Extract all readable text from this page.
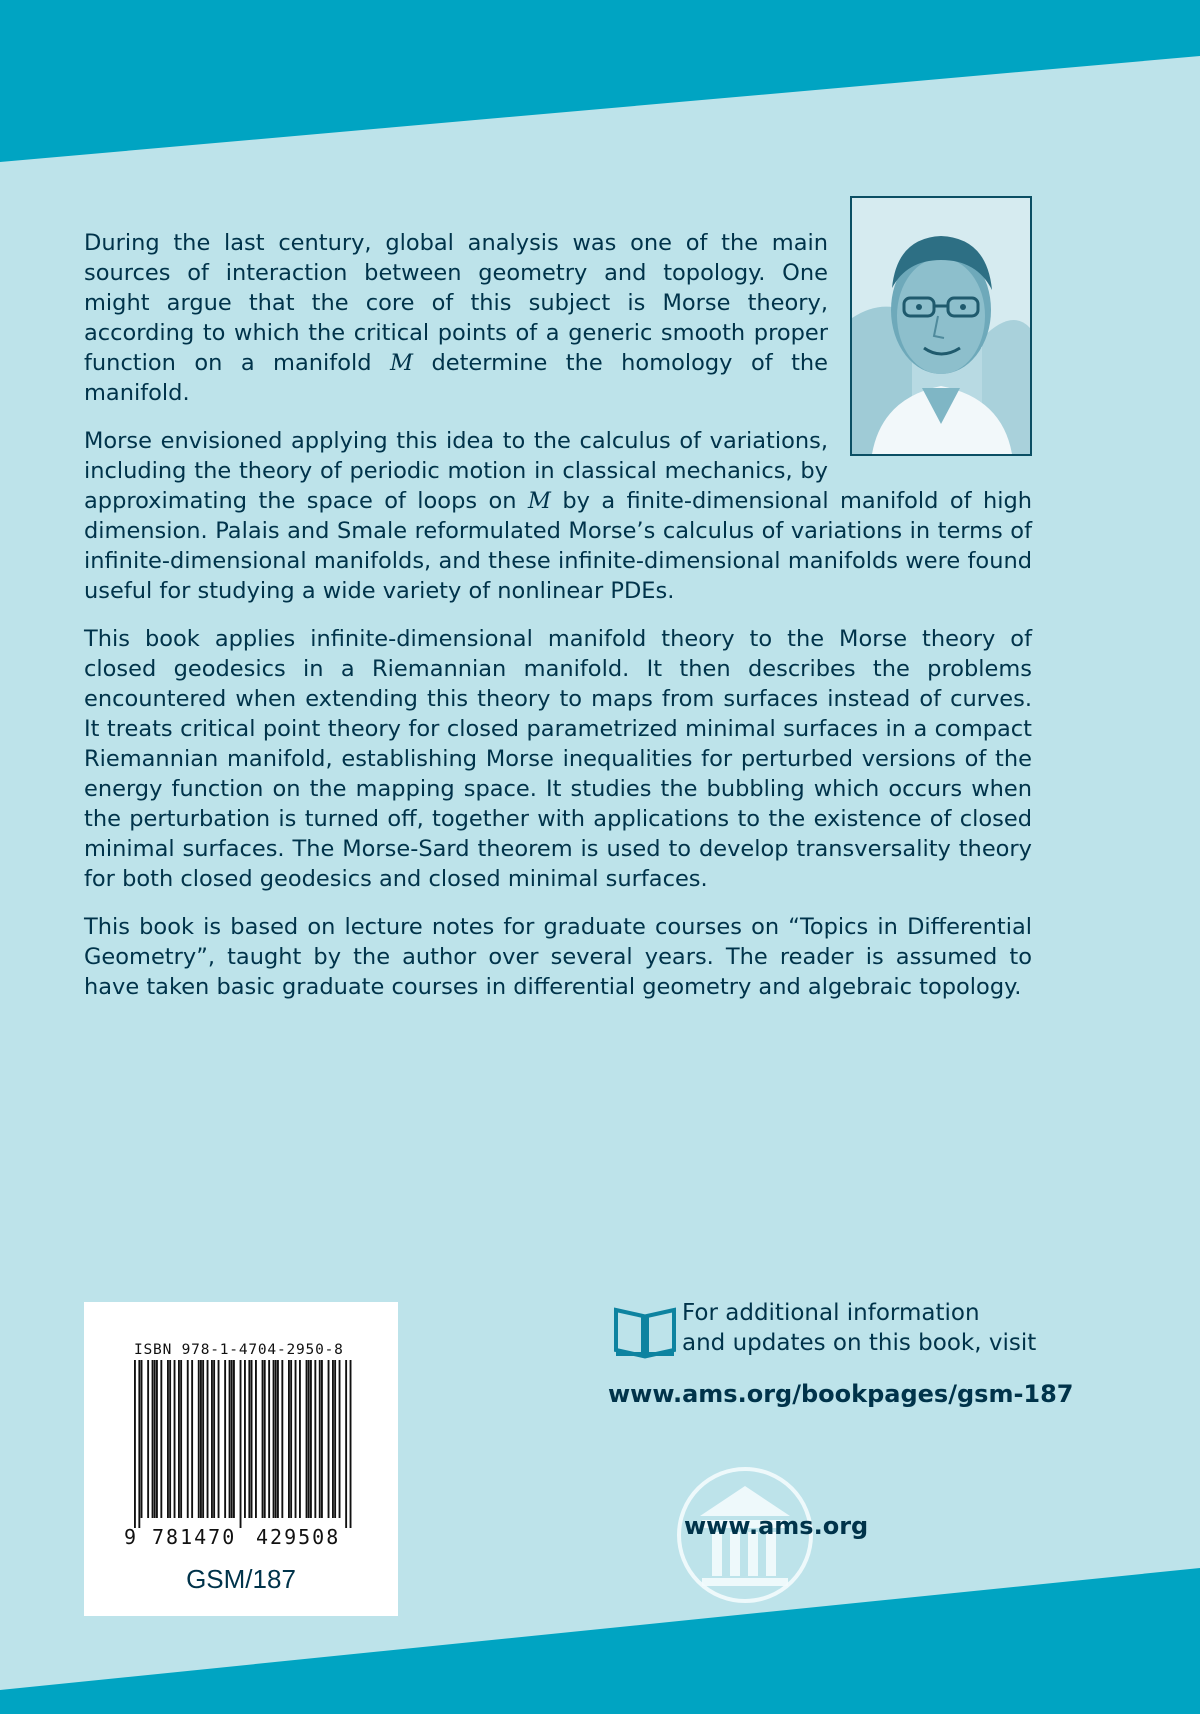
During the last century, global analysis was one of the main sources of interaction between geometry and topology. One might argue that the core of this subject is Morse theory, according to which the critical points of a generic smooth proper function on a manifold M determine the homology of the manifold.

Morse envisioned applying this idea to the calculus of variations, including the theory of periodic motion in classical mechanics, by approximating the space of loops on M by a finite-dimensional manifold of high dimension. Palais and Smale reformulated Morse’s calculus of variations in terms of infinite-dimensional manifolds, and these infinite-dimensional manifolds were found useful for studying a wide variety of nonlinear PDEs.

This book applies infinite-dimensional manifold theory to the Morse theory of closed geodesics in a Riemannian manifold. It then describes the problems encountered when extending this theory to maps from surfaces instead of curves. It treats critical point theory for closed parametrized minimal surfaces in a compact Riemannian manifold, establishing Morse inequalities for perturbed versions of the energy function on the mapping space. It studies the bubbling which occurs when the perturbation is turned off, together with applications to the existence of closed minimal surfaces. The Morse-Sard theorem is used to develop transversality theory for both closed geodesics and closed minimal surfaces.

This book is based on lecture notes for graduate courses on “Topics in Differential Geometry”, taught by the author over several years. The reader is assumed to have taken basic graduate courses in differential geometry and algebraic topology.

ISBN 978-1-4704-2950-8
9 781470 429508
GSM/187
For additional information
and updates on this book, visit
www.ams.org/bookpages/gsm-187
www.ams.org
